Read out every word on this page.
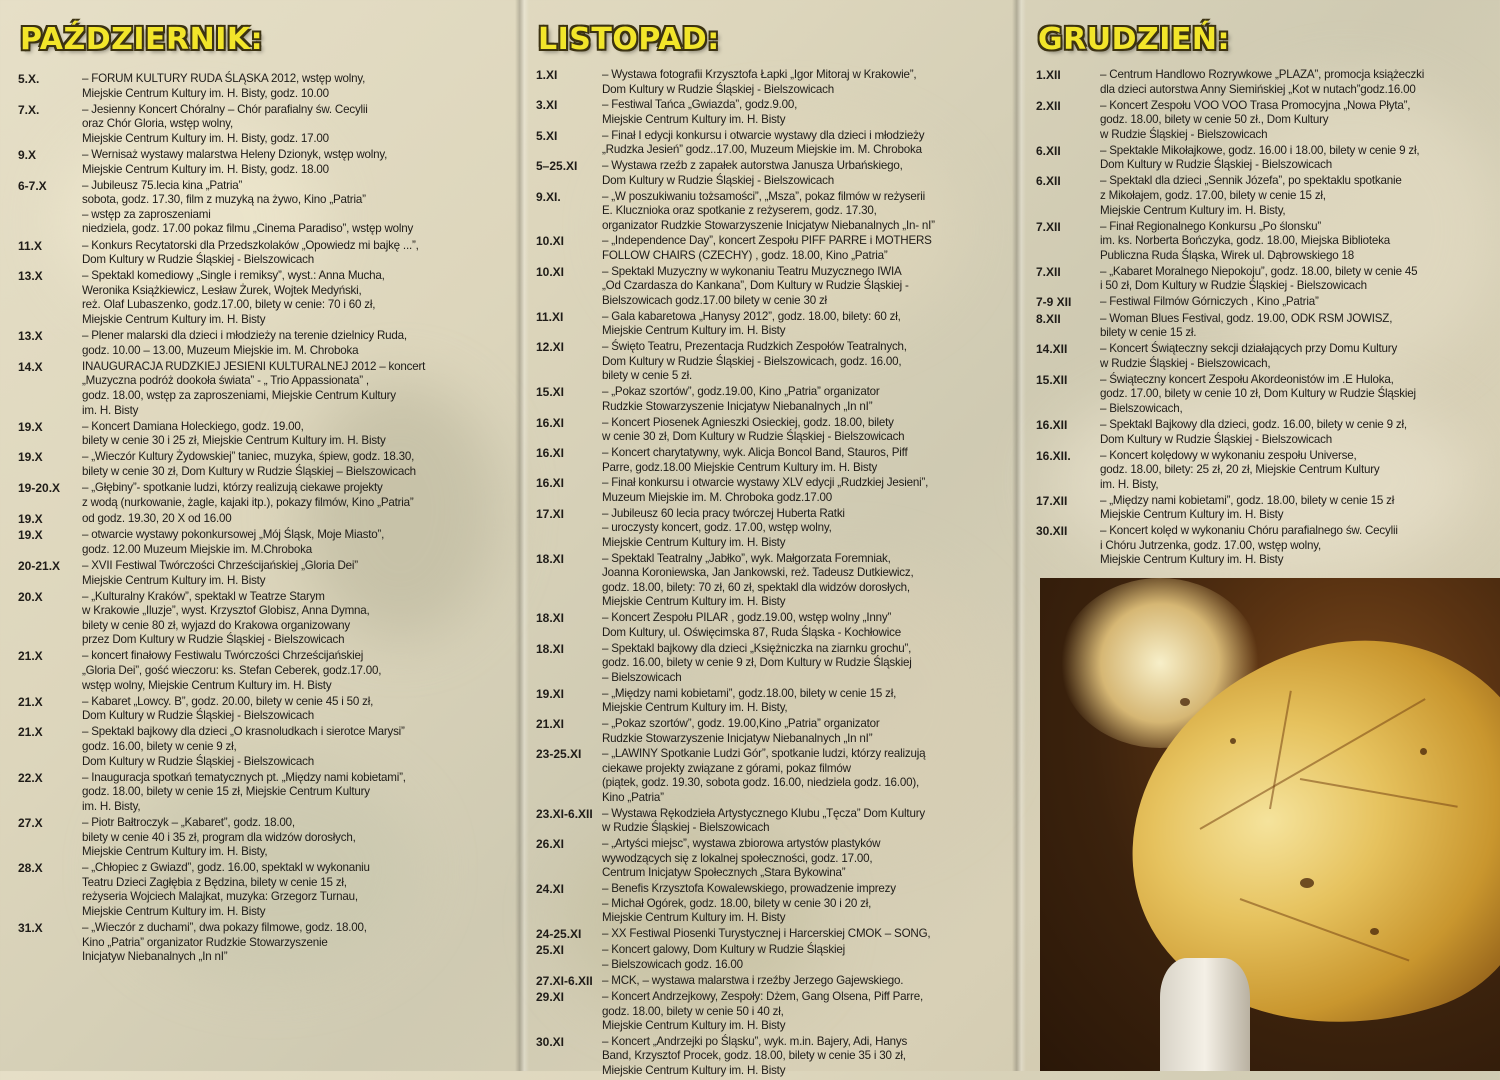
PAŹDZIERNIK:
5.X.	– FORUM KULTURY RUDA ŚLĄSKA 2012, wstęp wolny,
Miejskie Centrum Kultury im. H. Bisty, godz. 10.00
7.X.	– Jesienny Koncert Chóralny – Chór parafialny św. Cecylii
oraz Chór Gloria, wstęp wolny,
Miejskie Centrum Kultury im. H. Bisty, godz. 17.00
9.X	– Wernisaż wystawy malarstwa Heleny Dzionyk, wstęp wolny,
Miejskie Centrum Kultury im. H. Bisty, godz. 18.00
6-7.X	– Jubileusz 75.lecia kina „Patria”
sobota, godz. 17.30, film z muzyką na żywo, Kino „Patria”
– wstęp za zaproszeniami
niedziela, godz. 17.00 pokaz filmu „Cinema Paradiso”, wstęp wolny
11.X	– Konkurs Recytatorski dla Przedszkolaków „Opowiedz mi bajkę ...”,
Dom Kultury w Rudzie Śląskiej - Bielszowicach
13.X	– Spektakl komediowy „Single i remiksy”, wyst.: Anna Mucha,
Weronika Książkiewicz, Lesław Żurek, Wojtek Medyński,
reż. Olaf Lubaszenko, godz.17.00, bilety w cenie: 70 i 60 zł,
Miejskie Centrum Kultury im. H. Bisty
13.X	– Plener malarski dla dzieci i młodzieży na terenie dzielnicy Ruda,
godz. 10.00 – 13.00, Muzeum Miejskie im. M. Chroboka
14.X	INAUGURACJA RUDZKIEJ JESIENI KULTURALNEJ 2012 – koncert
„Muzyczna podróż dookoła świata” - „ Trio Appassionata” ,
godz. 18.00, wstęp za zaproszeniami, Miejskie Centrum Kultury
im. H. Bisty
19.X	– Koncert Damiana Holeckiego, godz. 19.00,
bilety w cenie 30 i 25 zł, Miejskie Centrum Kultury im. H. Bisty
19.X	– „Wieczór Kultury Żydowskiej” taniec, muzyka, śpiew, godz. 18.30,
bilety w cenie 30 zł, Dom Kultury w Rudzie Śląskiej – Bielszowicach
19-20.X	– „Głębiny”- spotkanie ludzi, którzy realizują ciekawe projekty
z wodą (nurkowanie, żagle, kajaki itp.), pokazy filmów, Kino „Patria”
19.X	od godz. 19.30, 20 X od 16.00
19.X	– otwarcie wystawy pokonkursowej „Mój Śląsk, Moje Miasto”,
godz. 12.00 Muzeum Miejskie im. M.Chroboka
20-21.X	– XVII Festiwal Twórczości Chrześcijańskiej „Gloria Dei”
Miejskie Centrum Kultury im. H. Bisty
20.X	– „Kulturalny Kraków”, spektakl w Teatrze Starym
w Krakowie „Iluzje”, wyst. Krzysztof Globisz, Anna Dymna,
bilety w cenie 80 zł, wyjazd do Krakowa organizowany
przez Dom Kultury w Rudzie Śląskiej - Bielszowicach
21.X	– koncert finałowy Festiwalu Twórczości Chrześcijańskiej
„Gloria Dei”, gość wieczoru: ks. Stefan Ceberek, godz.17.00,
wstęp wolny, Miejskie Centrum Kultury im. H. Bisty
21.X	– Kabaret „Lowcy. B”, godz. 20.00, bilety w cenie 45 i 50 zł,
Dom Kultury w Rudzie Śląskiej - Bielszowicach
21.X	– Spektakl bajkowy dla dzieci „O krasnoludkach i sierotce Marysi”
godz. 16.00, bilety w cenie 9 zł,
Dom Kultury w Rudzie Śląskiej - Bielszowicach
22.X	– Inauguracja spotkań tematycznych pt. „Między nami kobietami”,
godz. 18.00, bilety w cenie 15 zł, Miejskie Centrum Kultury
im. H. Bisty,
27.X	– Piotr Bałtroczyk – „Kabaret”, godz. 18.00,
bilety w cenie 40 i 35 zł, program dla widzów dorosłych,
Miejskie Centrum Kultury im. H. Bisty,
28.X	– „Chłopiec z Gwiazd”, godz. 16.00, spektakl w wykonaniu
Teatru Dzieci Zagłębia z Będzina, bilety w cenie 15 zł,
reżyseria Wojciech Malajkat, muzyka: Grzegorz Turnau,
Miejskie Centrum Kultury im. H. Bisty
31.X	– „Wieczór z duchami”, dwa pokazy filmowe, godz. 18.00,
Kino „Patria” organizator Rudzkie Stowarzyszenie
Inicjatyw Niebanalnych „In nI”
LISTOPAD:
1.XI	– Wystawa fotografii Krzysztofa Łapki „Igor Mitoraj w Krakowie”,
Dom Kultury w Rudzie Śląskiej - Bielszowicach
3.XI	– Festiwal Tańca „Gwiazda”, godz.9.00,
Miejskie Centrum Kultury im. H. Bisty
5.XI	– Finał I edycji konkursu i otwarcie wystawy dla dzieci i młodzieży
„Rudzka Jesień” godz..17.00, Muzeum Miejskie im. M. Chroboka
5–25.XI	– Wystawa rzeźb z zapałek autorstwa Janusza Urbańskiego,
Dom Kultury w Rudzie Śląskiej - Bielszowicach
9.XI.	– „W poszukiwaniu tożsamości”, „Msza”, pokaz filmów w reżyserii
E. Klucznioka oraz spotkanie z reżyserem, godz. 17.30,
organizator Rudzkie Stowarzyszenie Inicjatyw Niebanalnych „In- nI”
10.XI	– „Independence Day”, koncert Zespołu PIFF PARRE i MOTHERS
FOLLOW CHAIRS (CZECHY) , godz. 18.00, Kino „Patria”
10.XI	– Spektakl Muzyczny w wykonaniu Teatru Muzycznego IWIA
„Od Czardasza do Kankana”, Dom Kultury w Rudzie Śląskiej -
Bielszowicach godz.17.00 bilety w cenie 30 zł
11.XI	– Gala kabaretowa „Hanysy 2012”, godz. 18.00, bilety: 60 zł,
Miejskie Centrum Kultury im. H. Bisty
12.XI	– Święto Teatru, Prezentacja Rudzkich Zespołów Teatralnych,
Dom Kultury w Rudzie Śląskiej - Bielszowicach, godz. 16.00,
bilety w cenie 5 zł.
15.XI	– „Pokaz szortów”, godz.19.00, Kino „Patria” organizator
Rudzkie Stowarzyszenie Inicjatyw Niebanalnych „In nI”
16.XI	– Koncert Piosenek Agnieszki Osieckiej, godz. 18.00, bilety
w cenie 30 zł, Dom Kultury w Rudzie Śląskiej - Bielszowicach
16.XI	– Koncert charytatywny, wyk. Alicja Boncol Band, Stauros, Piff
Parre, godz.18.00 Miejskie Centrum Kultury im. H. Bisty
16.XI	– Finał konkursu i otwarcie wystawy XLV edycji „Rudzkiej Jesieni”,
Muzeum Miejskie im. M. Chroboka godz.17.00
17.XI	– Jubileusz 60 lecia pracy twórczej Huberta Ratki
– uroczysty koncert, godz. 17.00, wstęp wolny,
Miejskie Centrum Kultury im. H. Bisty
18.XI	– Spektakl Teatralny „Jabłko”, wyk. Małgorzata Foremniak,
Joanna Koroniewska, Jan Jankowski, reż. Tadeusz Dutkiewicz,
godz. 18.00, bilety: 70 zł, 60 zł, spektakl dla widzów dorosłych,
Miejskie Centrum Kultury im. H. Bisty
18.XI	– Koncert Zespołu PILAR , godz.19.00, wstęp wolny „Inny”
Dom Kultury, ul. Oświęcimska 87, Ruda Śląska - Kochłowice
18.XI	– Spektakl bajkowy dla dzieci „Księżniczka na ziarnku grochu”,
godz. 16.00, bilety w cenie 9 zł, Dom Kultury w Rudzie Śląskiej
– Bielszowicach
19.XI	– „Między nami kobietami”, godz.18.00, bilety w cenie 15 zł,
Miejskie Centrum Kultury im. H. Bisty,
21.XI	– „Pokaz szortów”, godz. 19.00,Kino „Patria” organizator
Rudzkie Stowarzyszenie Inicjatyw Niebanalnych „In nI”
23-25.XI	– „LAWINY Spotkanie Ludzi Gór”, spotkanie ludzi, którzy realizują
ciekawe projekty związane z górami, pokaz filmów
(piątek, godz. 19.30, sobota godz. 16.00, niedziela godz. 16.00),
Kino „Patria”
23.XI-6.XII – Wystawa Rękodzieła Artystycznego Klubu „Tęcza” Dom Kultury
w Rudzie Śląskiej - Bielszowicach
26.XI	– „Artyści miejsc”, wystawa zbiorowa artystów plastyków
wywodzących się z lokalnej społeczności, godz. 17.00,
Centrum Inicjatyw Społecznych „Stara Bykowina”
24.XI	– Benefis Krzysztofa Kowalewskiego, prowadzenie imprezy
– Michał Ogórek, godz. 18.00, bilety w cenie 30 i 20 zł,
Miejskie Centrum Kultury im. H. Bisty
24-25.XI	– XX Festiwal Piosenki Turystycznej i Harcerskiej CMOK – SONG,
25.XI	– Koncert galowy, Dom Kultury w Rudzie Śląskiej
– Bielszowicach godz. 16.00
27.XI-6.XII – MCK, – wystawa malarstwa i rzeźby Jerzego Gajewskiego.
29.XI	– Koncert Andrzejkowy, Zespoły: Dżem, Gang Olsena, Piff Parre,
godz. 18.00, bilety w cenie 50 i 40 zł,
Miejskie Centrum Kultury im. H. Bisty
30.XI	– Koncert „Andrzejki po Śląsku”, wyk. m.in. Bajery, Adi, Hanys
Band, Krzysztof Procek, godz. 18.00, bilety w cenie 35 i 30 zł,
Miejskie Centrum Kultury im. H. Bisty
GRUDZIEŃ:
1.XII	– Centrum Handlowo Rozrywkowe „PLAZA”, promocja książeczki
dla dzieci autorstwa Anny Siemińskiej „Kot w nutach”godz.16.00
2.XII	– Koncert Zespołu VOO VOO Trasa Promocyjna „Nowa Płyta”,
godz. 18.00, bilety w cenie 50 zł., Dom Kultury
w Rudzie Śląskiej - Bielszowicach
6.XII	– Spektakle Mikołajkowe, godz. 16.00 i 18.00, bilety w cenie 9 zł,
Dom Kultury w Rudzie Śląskiej - Bielszowicach
6.XII	– Spektakl dla dzieci „Sennik Józefa”, po spektaklu spotkanie
z Mikołajem, godz. 17.00, bilety w cenie 15 zł,
Miejskie Centrum Kultury im. H. Bisty,
7.XII	– Finał Regionalnego Konkursu „Po ślonsku”
im. ks. Norberta Bończyka, godz. 18.00, Miejska Biblioteka
Publiczna Ruda Śląska, Wirek ul. Dąbrowskiego 18
7.XII	– „Kabaret Moralnego Niepokoju”, godz. 18.00, bilety w cenie 45
i 50 zł, Dom Kultury w Rudzie Śląskiej - Bielszowicach
7-9 XII	– Festiwal Filmów Górniczych , Kino „Patria”
8.XII	– Woman Blues Festival, godz. 19.00, ODK RSM JOWISZ,
bilety w cenie 15 zł.
14.XII	– Koncert Świąteczny sekcji działających przy Domu Kultury
w Rudzie Śląskiej - Bielszowicach,
15.XII	– Świąteczny koncert Zespołu Akordeonistów im .E Huloka,
godz. 17.00, bilety w cenie 10 zł, Dom Kultury w Rudzie Śląskiej
– Bielszowicach,
16.XII	– Spektakl Bajkowy dla dzieci, godz. 16.00, bilety w cenie 9 zł,
Dom Kultury w Rudzie Śląskiej - Bielszowicach
16.XII.	– Koncert kolędowy w wykonaniu zespołu Universe,
godz. 18.00, bilety: 25 zł, 20 zł, Miejskie Centrum Kultury
im. H. Bisty,
17.XII	– „Między nami kobietami”, godz. 18.00, bilety w cenie 15 zł
Miejskie Centrum Kultury im. H. Bisty
30.XII	– Koncert kolęd w wykonaniu Chóru parafialnego św. Cecylii
i Chóru Jutrzenka, godz. 17.00, wstęp wolny,
Miejskie Centrum Kultury im. H. Bisty
